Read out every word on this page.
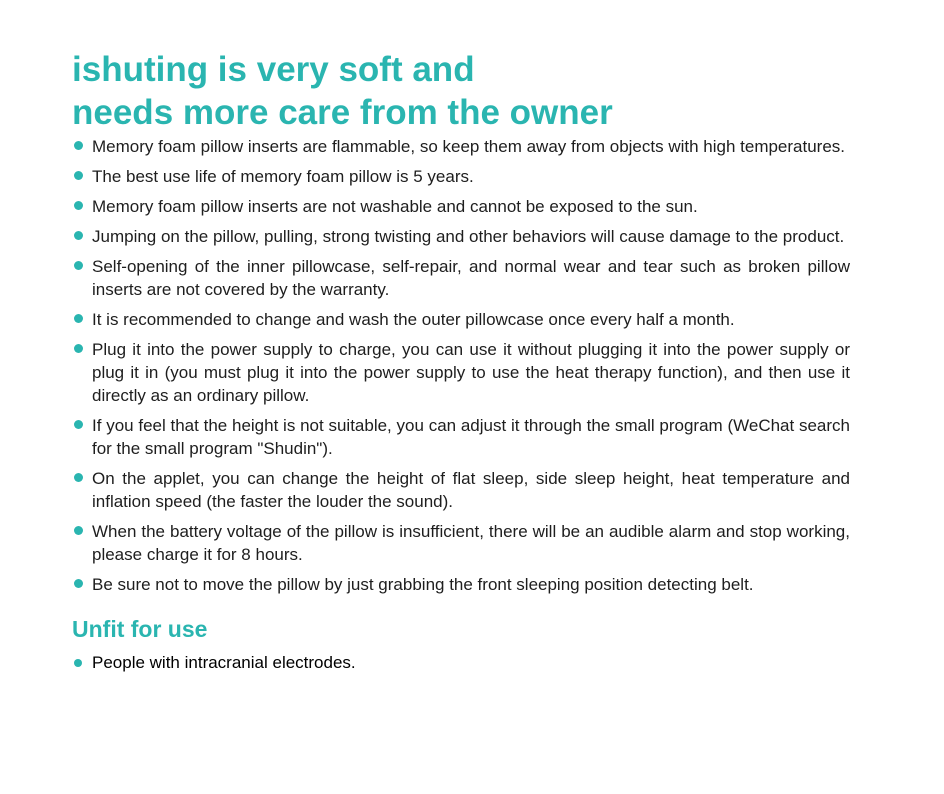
ishuting is very soft and
needs more care from the owner
Memory foam pillow inserts are flammable, so keep them away from objects with high temperatures.
The best use life of memory foam pillow is 5 years.
Memory foam pillow inserts are not washable and cannot be exposed to the sun.
Jumping on the pillow, pulling, strong twisting and other behaviors will cause damage to the product.
Self-opening of the inner pillowcase, self-repair, and normal wear and tear such as broken pillow inserts are not covered by the warranty.
It is recommended to change and wash the outer pillowcase once every half a month.
Plug it into the power supply to charge, you can use it without plugging it into the power supply or plug it in (you must plug it into the power supply to use the heat therapy function), and then use it directly as an ordinary pillow.
If you feel that the height is not suitable, you can adjust it through the small program (WeChat search for the small program "Shudin").
On the applet, you can change the height of flat sleep, side sleep height, heat temperature and inflation speed (the faster the louder the sound).
When the battery voltage of the pillow is insufficient, there will be an audible alarm and stop working, please charge it for 8 hours.
Be sure not to move the pillow by just grabbing the front sleeping position detecting belt.
Unfit for use
People with intracranial electrodes.
